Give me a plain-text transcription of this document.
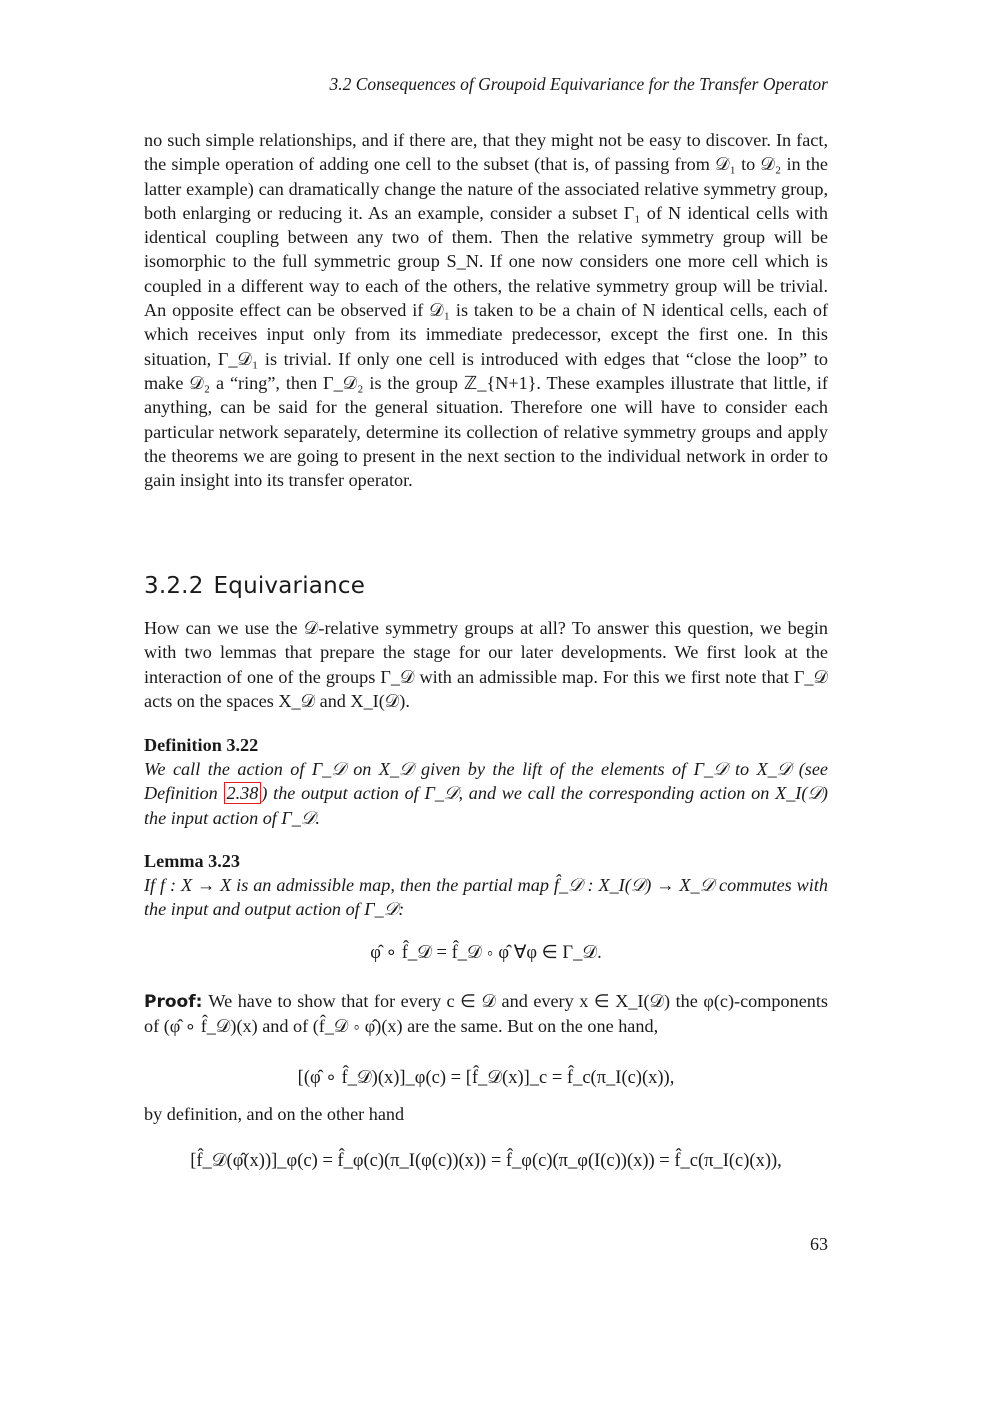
3.2 Consequences of Groupoid Equivariance for the Transfer Operator

no such simple relationships, and if there are, that they might not be easy to discover. In fact, the simple operation of adding one cell to the subset (that is, of passing from 𝒟₁ to 𝒟₂ in the latter example) can dramatically change the nature of the associated relative symmetry group, both enlarging or reducing it. As an example, consider a subset Γ₁ of N identical cells with identical coupling between any two of them. Then the relative symmetry group will be isomorphic to the full symmetric group S_N. If one now considers one more cell which is coupled in a different way to each of the others, the relative symmetry group will be trivial. An opposite effect can be observed if 𝒟₁ is taken to be a chain of N identical cells, each of which receives input only from its immediate predecessor, except the first one. In this situation, Γ_𝒟₁ is trivial. If only one cell is introduced with edges that “close the loop” to make 𝒟₂ a “ring”, then Γ_𝒟₂ is the group ℤ_{N+1}. These examples illustrate that little, if anything, can be said for the general situation. Therefore one will have to consider each particular network separately, determine its collection of relative symmetry groups and apply the theorems we are going to present in the next section to the individual network in order to gain insight into its transfer operator.

3.2.2 Equivariance

How can we use the 𝒟-relative symmetry groups at all? To answer this question, we begin with two lemmas that prepare the stage for our later developments. We first look at the interaction of one of the groups Γ_𝒟 with an admissible map. For this we first note that Γ_𝒟 acts on the spaces X_𝒟 and X_I(𝒟).

Definition 3.22

We call the action of Γ_𝒟 on X_𝒟 given by the lift of the elements of Γ_𝒟 to X_𝒟 (see Definition 2.38 ) the output action of Γ_𝒟, and we call the corresponding action on X_I(𝒟) the input action of Γ_𝒟.

Lemma 3.23

If f : X → X is an admissible map, then the partial map f̂_𝒟 : X_I(𝒟) → X_𝒟 commutes with the input and output action of Γ_𝒟:

φ̂ ∘ f̂_𝒟 = f̂_𝒟 ∘ φ̂ ∀φ ∈ Γ_𝒟.

Proof: We have to show that for every c ∈ 𝒟 and every x ∈ X_I(𝒟) the φ(c)-components of (φ̂ ∘ f̂_𝒟)(x) and of (f̂_𝒟 ∘ φ̂)(x) are the same. But on the one hand,

[(φ̂ ∘ f̂_𝒟)(x)]_φ(c) = [f̂_𝒟(x)]_c = f̂_c(π_I(c)(x)),

by definition, and on the other hand

[f̂_𝒟(φ̂(x))]_φ(c) = f̂_φ(c)(π_I(φ(c))(x)) = f̂_φ(c)(π_φ(I(c))(x)) = f̂_c(π_I(c)(x)),
63
